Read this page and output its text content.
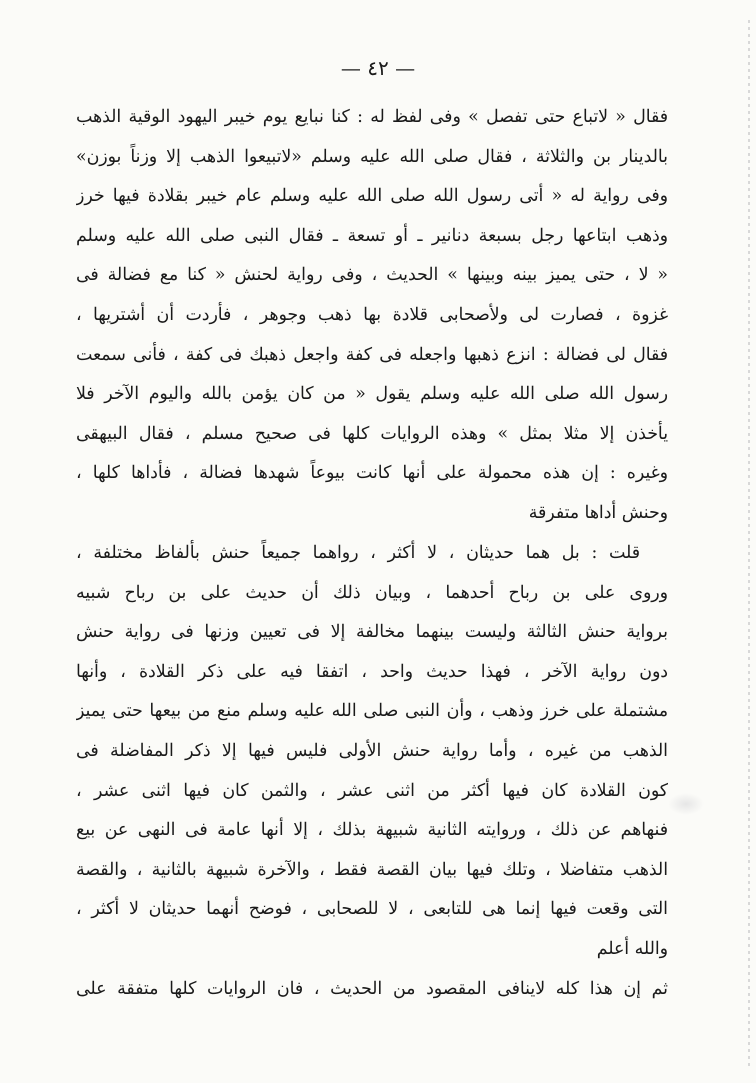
— ٤٢ —
فقال « لاتباع حتى تفصل » وفى لفظ له : كنا نبايع يوم خيبر اليهود الوقية الذهب
بالدينار بن والثلاثة ، فقال صلى الله عليه وسلم «لاتبيعوا الذهب إلا وزناً بوزن»
وفى رواية له « أتى رسول الله صلى الله عليه وسلم عام خيبر بقلادة فيها خرز
وذهب ابتاعها رجل بسبعة دنانير ـ أو تسعة ـ فقال النبى صلى الله عليه وسلم
« لا ، حتى يميز بينه وبينها » الحديث ، وفى رواية لحنش « كنا مع فضالة فى
غزوة ، فصارت لى ولأصحابى قلادة بها ذهب وجوهر ، فأردت أن أشتريها ،
فقال لى فضالة : انزع ذهبها واجعله فى كفة واجعل ذهبك فى كفة ، فأنى سمعت
رسول الله صلى الله عليه وسلم يقول « من كان يؤمن بالله واليوم الآخر فلا
يأخذن إلا مثلا بمثل » وهذه الروايات كلها فى صحيح مسلم ، فقال البيهقى
وغيره : إن هذه محمولة على أنها كانت بيوعاً شهدها فضالة ، فأداها كلها ،
وحنش أداها متفرقة
قلت : بل هما حديثان ، لا أكثر ، رواهما جميعاً حنش بألفاظ مختلفة ،
وروى على بن رباح أحدهما ، وبيان ذلك أن حديث على بن رباح شبيه
برواية حنش الثالثة وليست بينهما مخالفة إلا فى تعيين وزنها فى رواية حنش
دون رواية الآخر ، فهذا حديث واحد ، اتفقا فيه على ذكر القلادة ، وأنها
مشتملة على خرز وذهب ، وأن النبى صلى الله عليه وسلم منع من بيعها حتى يميز
الذهب من غيره ، وأما رواية حنش الأولى فليس فيها إلا ذكر المفاضلة فى
كون القلادة كان فيها أكثر من اثنى عشر ، والثمن كان فيها اثنى عشر ،
فنهاهم عن ذلك ، وروايته الثانية شبيهة بذلك ، إلا أنها عامة فى النهى عن بيع
الذهب متفاضلا ، وتلك فيها بيان القصة فقط ، والآخرة شبيهة بالثانية ، والقصة
التى وقعت فيها إنما هى للتابعى ، لا للصحابى ، فوضح أنهما حديثان لا أكثر ،
والله أعلم
ثم إن هذا كله لاينافى المقصود من الحديث ، فان الروايات كلها متفقة على
